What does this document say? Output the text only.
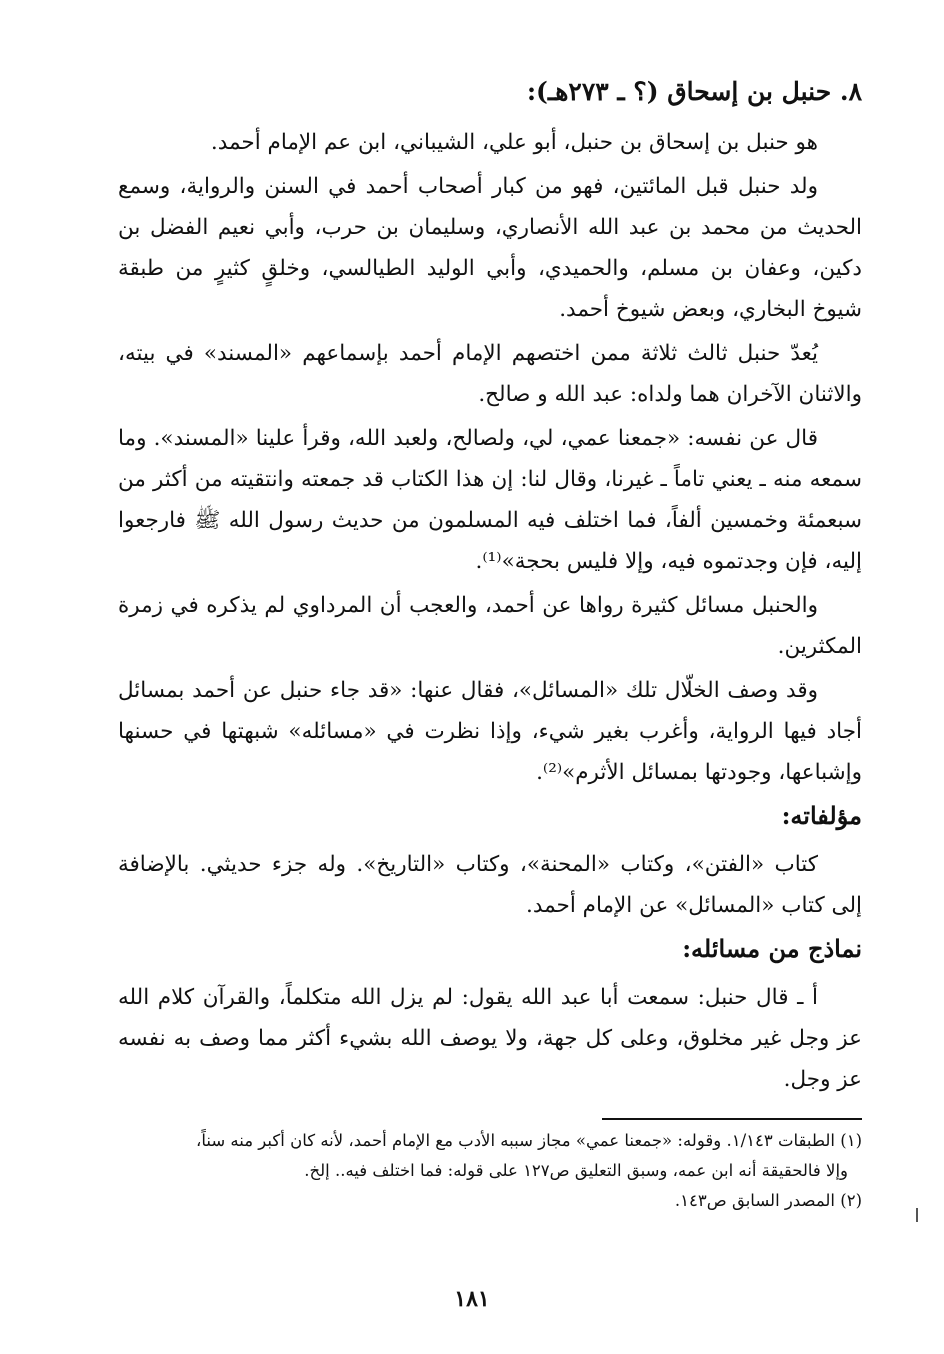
٨. حنبل بن إسحاق (؟ ـ ٢٧٣هـ):

هو حنبل بن إسحاق بن حنبل، أبو علي، الشيباني، ابن عم الإمام أحمد.

ولد حنبل قبل المائتين، فهو من كبار أصحاب أحمد في السنن والرواية، وسمع الحديث من محمد بن عبد الله الأنصاري، وسليمان بن حرب، وأبي نعيم الفضل بن دكين، وعفان بن مسلم، والحميدي، وأبي الوليد الطيالسي، وخلقٍ كثيرٍ من طبقة شيوخ البخاري، وبعض شيوخ أحمد.

يُعدّ حنبل ثالث ثلاثة ممن اختصهم الإمام أحمد بإسماعهم «المسند» في بيته، والاثنان الآخران هما ولداه: عبد الله و صالح.

قال عن نفسه: «جمعنا عمي، لي، ولصالح، ولعبد الله، وقرأ علينا «المسند». وما سمعه منه ـ يعني تاماً ـ غيرنا، وقال لنا: إن هذا الكتاب قد جمعته وانتقيته من أكثر من سبعمئة وخمسين ألفاً، فما اختلف فيه المسلمون من حديث رسول الله ﷺ فارجعوا إليه، فإن وجدتموه فيه، وإلا فليس بحجة»⁽¹⁾.

والحنبل مسائل كثيرة رواها عن أحمد، والعجب أن المرداوي لم يذكره في زمرة المكثرين.

وقد وصف الخلّال تلك «المسائل»، فقال عنها: «قد جاء حنبل عن أحمد بمسائل أجاد فيها الرواية، وأغرب بغير شيء، وإذا نظرت في «مسائله» شبهتها في حسنها وإشباعها، وجودتها بمسائل الأثرم»⁽²⁾.

مؤلفاته:

كتاب «الفتن»، وكتاب «المحنة»، وكتاب «التاريخ». وله جزء حديثي. بالإضافة إلى كتاب «المسائل» عن الإمام أحمد.

نماذج من مسائله:

أ ـ قال حنبل: سمعت أبا عبد الله يقول: لم يزل الله متكلماً، والقرآن كلام الله عز وجل غير مخلوق، وعلى كل جهة، ولا يوصف الله بشيء أكثر مما وصف به نفسه عز وجل.

(١) الطبقات ١/١٤٣. وقوله: «جمعنا عمي» مجاز سببه الأدب مع الإمام أحمد، لأنه كان أكبر منه سناً،

وإلا فالحقيقة أنه ابن عمه، وسبق التعليق ص١٢٧ على قوله: فما اختلف فيه.. إلخ.

(٢) المصدر السابق ص١٤٣.

١٨١
